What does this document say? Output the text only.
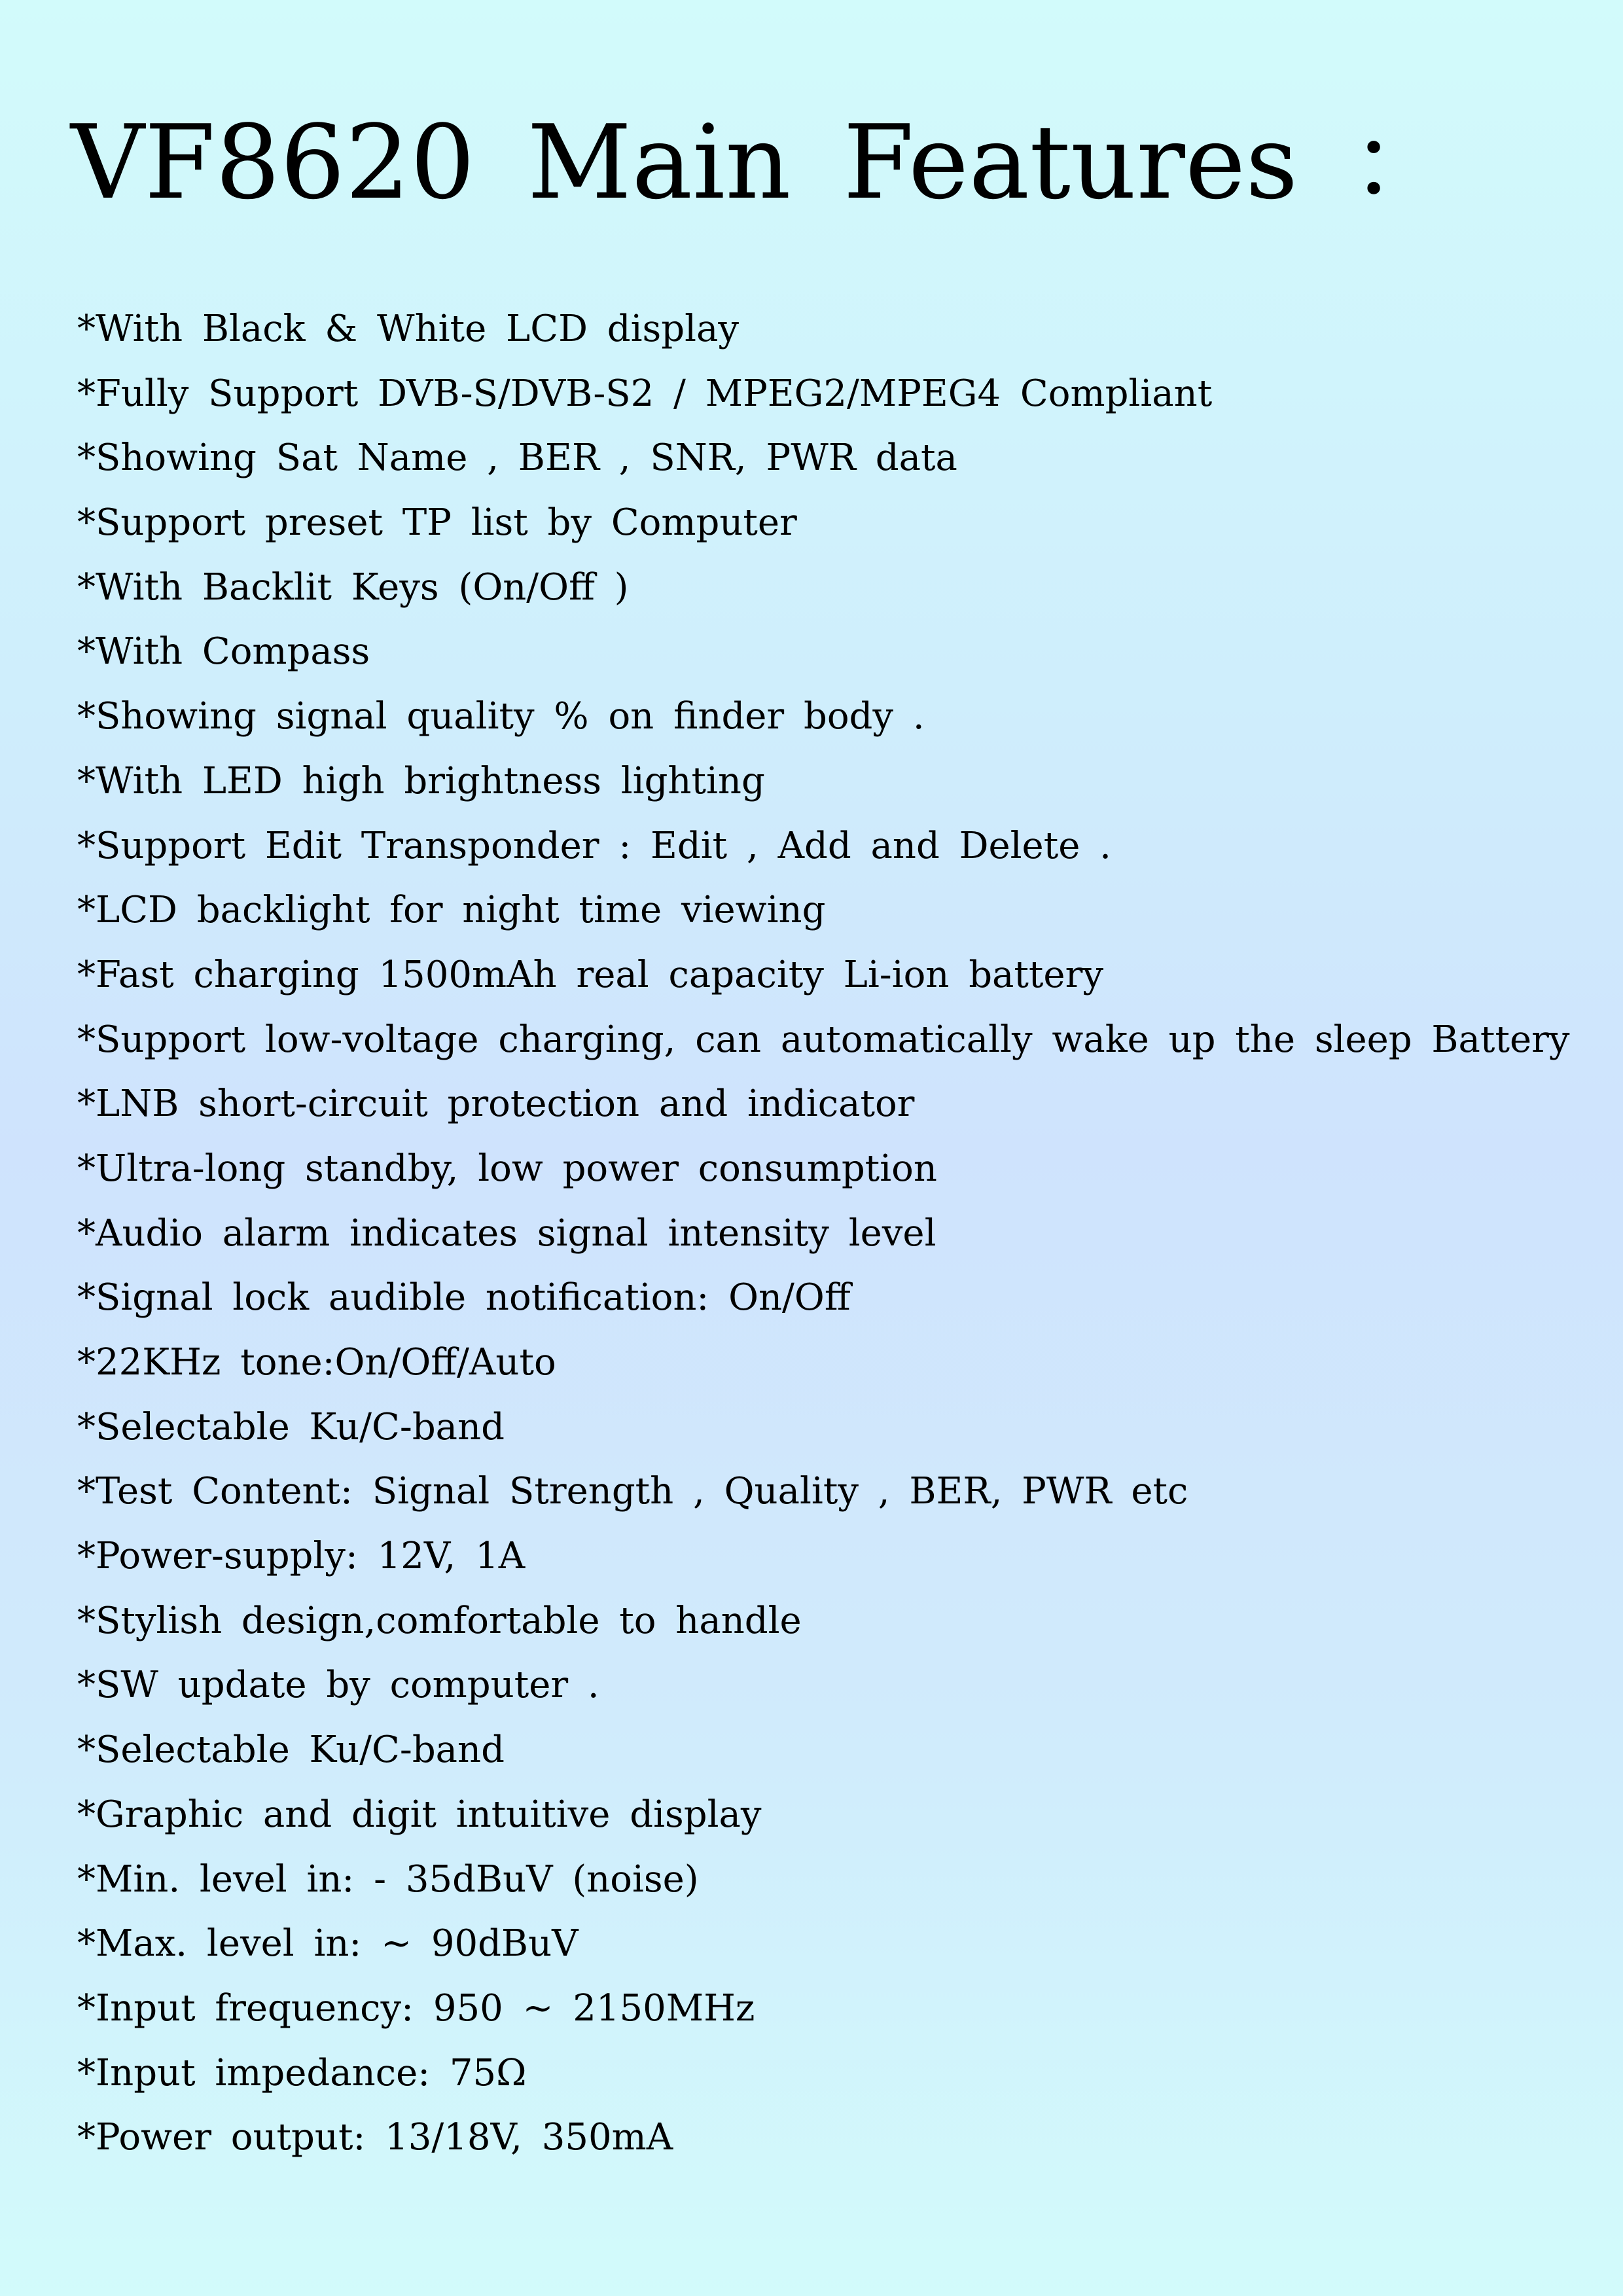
VF8620 Main Features ：
*With Black & White LCD display
*Fully Support DVB-S/DVB-S2 / MPEG2/MPEG4 Compliant
*Showing Sat Name , BER , SNR, PWR data
*Support preset TP list by Computer
*With Backlit Keys (On/Off )
*With Compass
*Showing signal quality % on finder body .
*With LED high brightness lighting
*Support Edit Transponder : Edit , Add and Delete .
*LCD backlight for night time viewing
*Fast charging 1500mAh real capacity Li-ion battery
*Support low-voltage charging, can automatically wake up the sleep Battery
*LNB short-circuit protection and indicator
*Ultra-long standby, low power consumption
*Audio alarm indicates signal intensity level
*Signal lock audible notification: On/Off
*22KHz tone:On/Off/Auto
*Selectable Ku/C-band
*Test Content: Signal Strength , Quality , BER, PWR etc
*Power-supply: 12V, 1A
*Stylish design,comfortable to handle
*SW update by computer .
*Selectable Ku/C-band
*Graphic and digit intuitive display
*Min. level in: - 35dBuV (noise)
*Max. level in: ~ 90dBuV
*Input frequency: 950 ~ 2150MHz
*Input impedance: 75Ω
*Power output: 13/18V, 350mA
